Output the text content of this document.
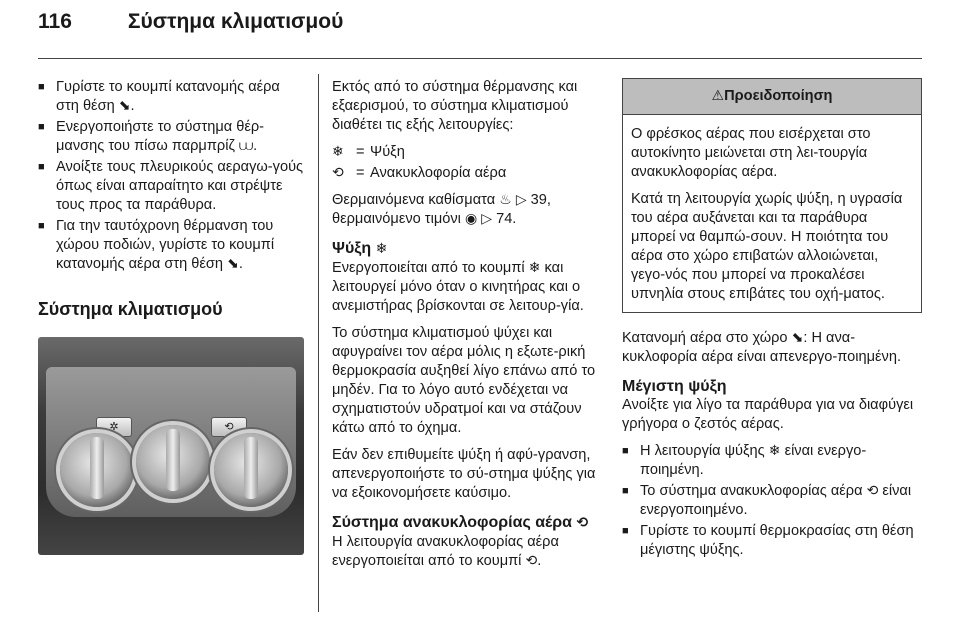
116	Σύστημα κλιματισμού
■ Γυρίστε το κουμπί κατανομής αέρα στη θέση ⬊.
■ Ενεργοποιήστε το σύστημα θέρ-μανσης του πίσω παρμπρίζ ⩊.
■ Ανοίξτε τους πλευρικούς αεραγω-γούς όπως είναι απαραίτητο και στρέψτε τους προς τα παράθυρα.
■ Για την ταυτόχρονη θέρμανση του χώρου ποδιών, γυρίστε το κουμπί κατανομής αέρα στη θέση ⬊.
Σύστημα κλιματισμού
✲	⟲

Εκτός από το σύστημα θέρμανσης και εξαερισμού, το σύστημα κλιματισμού διαθέτει τις εξής λειτουργίες:

❄ = Ψύξη
⟲ = Ανακυκλοφορία αέρα

Θερμαινόμενα καθίσματα ♨ ▷ 39,
θερμαινόμενο τιμόνι ◉ ▷ 74.

Ψύξη ❄

Ενεργοποιείται από το κουμπί ❄ και λειτουργεί μόνο όταν ο κινητήρας και ο ανεμιστήρας βρίσκονται σε λειτουρ-γία.

Το σύστημα κλιματισμού ψύχει και αφυγραίνει τον αέρα μόλις η εξωτε-ρική θερμοκρασία αυξηθεί λίγο επάνω από το μηδέν. Για το λόγο αυτό ενδέχεται να σχηματιστούν υδρατμοί και να στάζουν κάτω από το όχημα.

Εάν δεν επιθυμείτε ψύξη ή αφύ-γρανση, απενεργοποιήστε το σύ-στημα ψύξης για να εξοικονομήσετε καύσιμο.

Σύστημα ανακυκλοφορίας αέρα ⟲

Η λειτουργία ανακυκλοφορίας αέρα ενεργοποιείται από το κουμπί ⟲.

⚠Προειδοποίηση

Ο φρέσκος αέρας που εισέρχεται στο αυτοκίνητο μειώνεται στη λει-τουργία ανακυκλοφορίας αέρα.

Κατά τη λειτουργία χωρίς ψύξη, η υγρασία του αέρα αυξάνεται και τα παράθυρα μπορεί να θαμπώ-σουν. Η ποιότητα του αέρα στο χώρο επιβατών αλλοιώνεται, γεγο-νός που μπορεί να προκαλέσει υπνηλία στους επιβάτες του οχή-ματος.

Κατανομή αέρα στο χώρο ⬊: Η ανα-κυκλοφορία αέρα είναι απενεργο-ποιημένη.

Μέγιστη ψύξη

Ανοίξτε για λίγο τα παράθυρα για να διαφύγει γρήγορα ο ζεστός αέρας.

■ Η λειτουργία ψύξης ❄ είναι ενεργο-ποιημένη.
■ Το σύστημα ανακυκλοφορίας αέρα ⟲ είναι ενεργοποιημένο.
■ Γυρίστε το κουμπί θερμοκρασίας στη θέση μέγιστης ψύξης.
